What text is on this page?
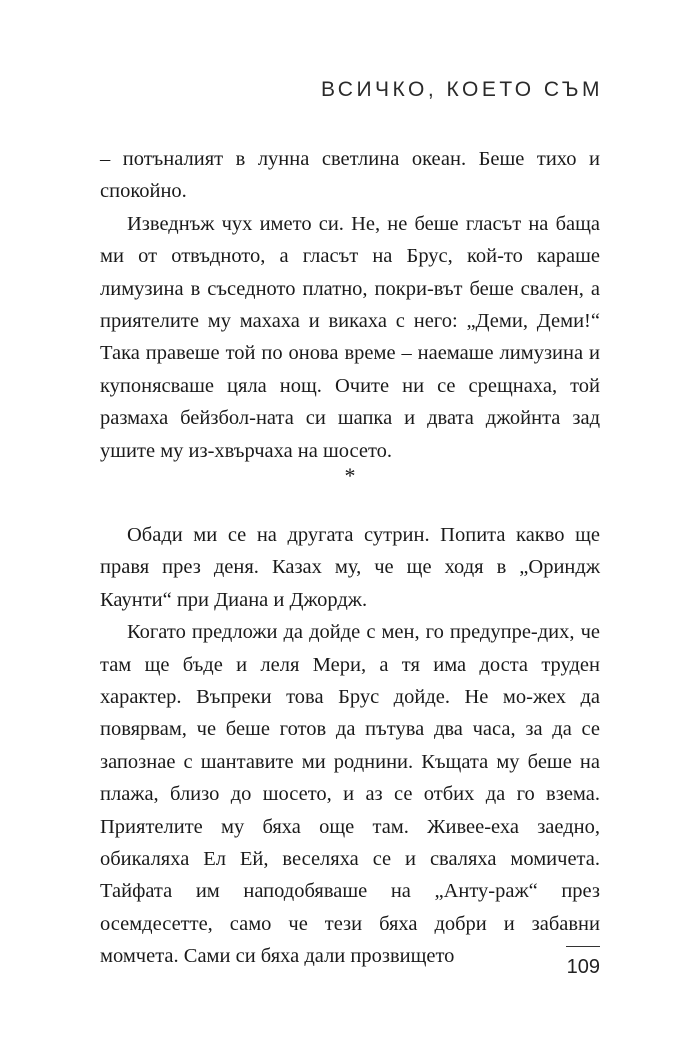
ВСИЧКО, КОЕТО СЪМ

– потъналият в лунна светлина океан. Беше тихо и спокойно.

Изведнъж чух името си. Не, не беше гласът на баща ми от отвъдното, а гласът на Брус, кой-то караше лимузина в съседното платно, покри-вът беше свален, а приятелите му махаха и викаха с него: „Деми, Деми!“ Така правеше той по онова време – наемаше лимузина и купонясваше цяла нощ. Очите ни се срещнаха, той размаха бейзбол-ната си шапка и двата джойнта зад ушите му из-хвърчаха на шосето.

*

Обади ми се на другата сутрин. Попита какво ще правя през деня. Казах му, че ще ходя в „Ориндж Каунти“ при Диана и Джордж.

Когато предложи да дойде с мен, го предупре-дих, че там ще бъде и леля Мери, а тя има доста труден характер. Въпреки това Брус дойде. Не мо-жех да повярвам, че беше готов да пътува два часа, за да се запознае с шантавите ми роднини. Къщата му беше на плажа, близо до шосето, и аз се отбих да го взема. Приятелите му бяха още там. Живее-еха заедно, обикаляха Ел Ей, веселяха се и сваляха момичета. Тайфата им наподобяваше на „Анту-раж“ през осемдесетте, само че тези бяха добри и забавни момчета. Сами си бяха дали прозвището	109
